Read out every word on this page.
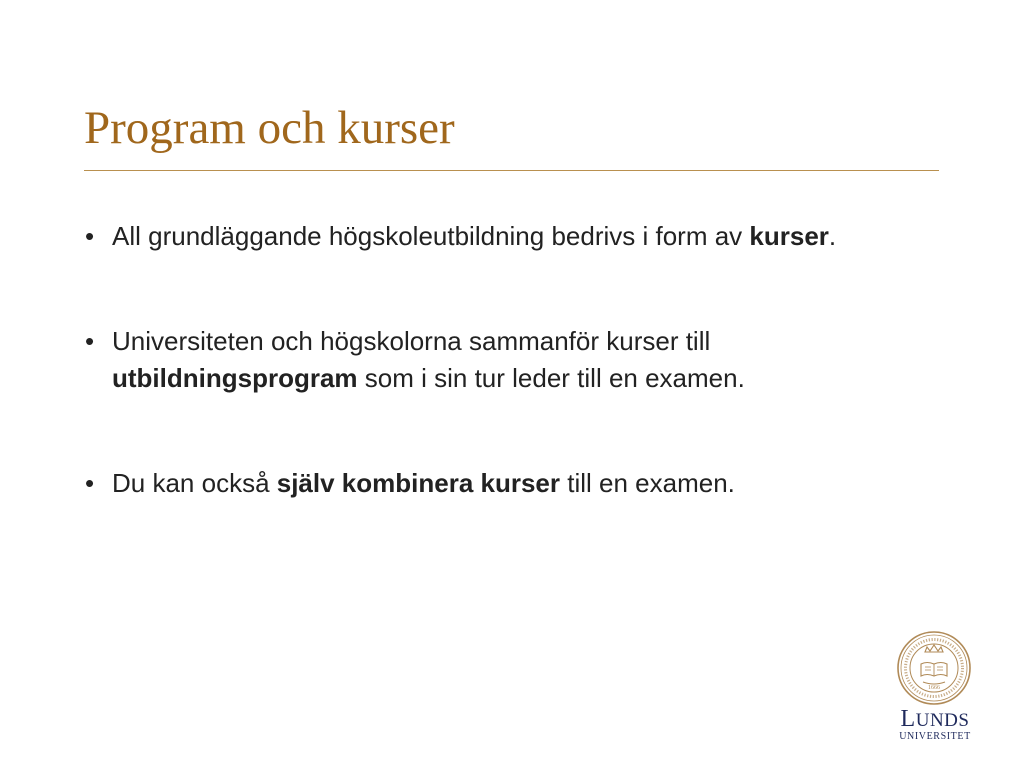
Program och kurser
• All grundläggande högskoleutbildning bedrivs i form av kurser.
• Universiteten och högskolorna sammanför kurser till utbildningsprogram som i sin tur leder till en examen.
• Du kan också själv kombinera kurser till en examen.
1666
LUNDS
UNIVERSITET
